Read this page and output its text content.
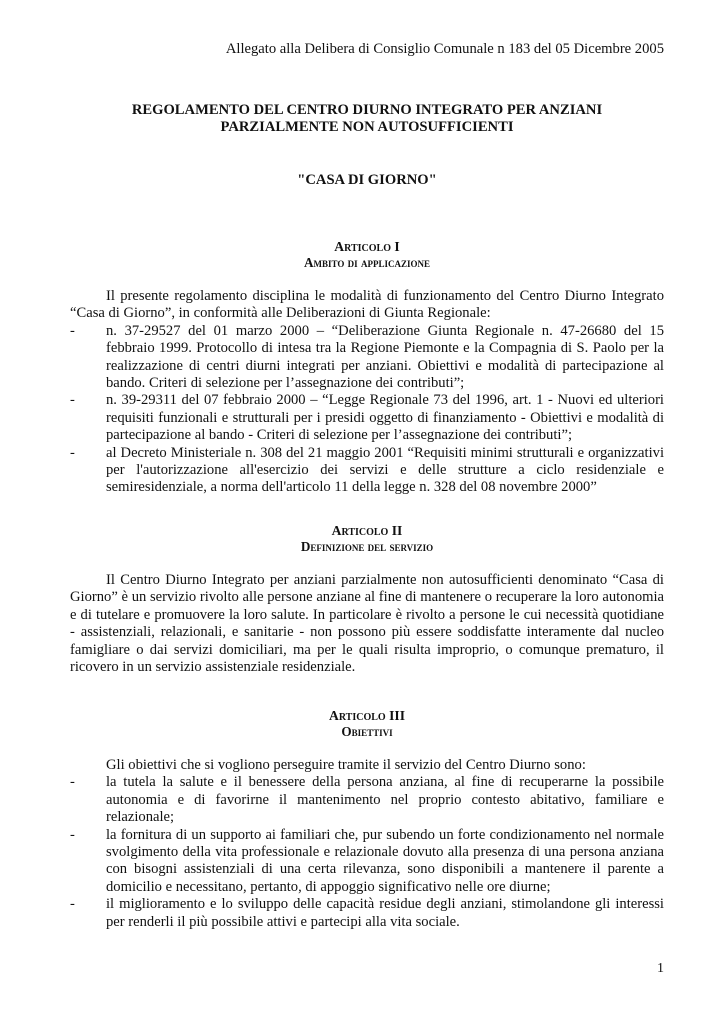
Allegato alla Delibera di Consiglio Comunale n 183 del 05 Dicembre 2005
REGOLAMENTO DEL CENTRO DIURNO INTEGRATO PER ANZIANI
PARZIALMENTE NON AUTOSUFFICIENTI
"CASA DI GIORNO"

Articolo I

Ambito di applicazione

Il presente regolamento disciplina le modalità di funzionamento del Centro Diurno Integrato “Casa di Giorno”, in conformità alle Deliberazioni di Giunta Regionale:

-	n. 37-29527 del 01 marzo 2000 – “Deliberazione Giunta Regionale n. 47-26680 del 15 febbraio 1999. Protocollo di intesa tra la Regione Piemonte e la Compagnia di S. Paolo per la realizzazione di centri diurni integrati per anziani. Obiettivi e modalità di partecipazione al bando. Criteri di selezione per l’assegnazione dei contributi”;
-	n. 39-29311 del 07 febbraio 2000 – “Legge Regionale 73 del 1996, art. 1 - Nuovi ed ulteriori requisiti funzionali e strutturali per i presidi oggetto di finanziamento - Obiettivi e modalità di partecipazione al bando - Criteri di selezione per l’assegnazione dei contributi”;
-	al Decreto Ministeriale n. 308 del 21 maggio 2001 “Requisiti minimi strutturali e organizzativi per l'autorizzazione all'esercizio dei servizi e delle strutture a ciclo residenziale e semiresidenziale, a norma dell'articolo 11 della legge n. 328 del 08 novembre 2000”

Articolo II

Definizione del servizio

Il Centro Diurno Integrato per anziani parzialmente non autosufficienti denominato “Casa di Giorno” è un servizio rivolto alle persone anziane al fine di mantenere o recuperare la loro autonomia e di tutelare e promuovere la loro salute. In particolare è rivolto a persone le cui necessità quotidiane - assistenziali, relazionali, e sanitarie - non possono più essere soddisfatte interamente dal nucleo famigliare o dai servizi domiciliari, ma per le quali risulta improprio, o comunque prematuro, il ricovero in un servizio assistenziale residenziale.

Articolo III

Obiettivi

Gli obiettivi che si vogliono perseguire tramite il servizio del Centro Diurno sono:

-	la tutela la salute e il benessere della persona anziana, al fine di recuperarne la possibile autonomia e di favorirne il mantenimento nel proprio contesto abitativo, familiare e relazionale;
-	la fornitura di un supporto ai familiari che, pur subendo un forte condizionamento nel normale svolgimento della vita professionale e relazionale dovuto alla presenza di una persona anziana con bisogni assistenziali di una certa rilevanza, sono disponibili a mantenere il parente a domicilio e necessitano, pertanto, di appoggio significativo nelle ore diurne;
-	il miglioramento e lo sviluppo delle capacità residue degli anziani, stimolandone gli interessi per renderli il più possibile attivi e partecipi alla vita sociale.
1
